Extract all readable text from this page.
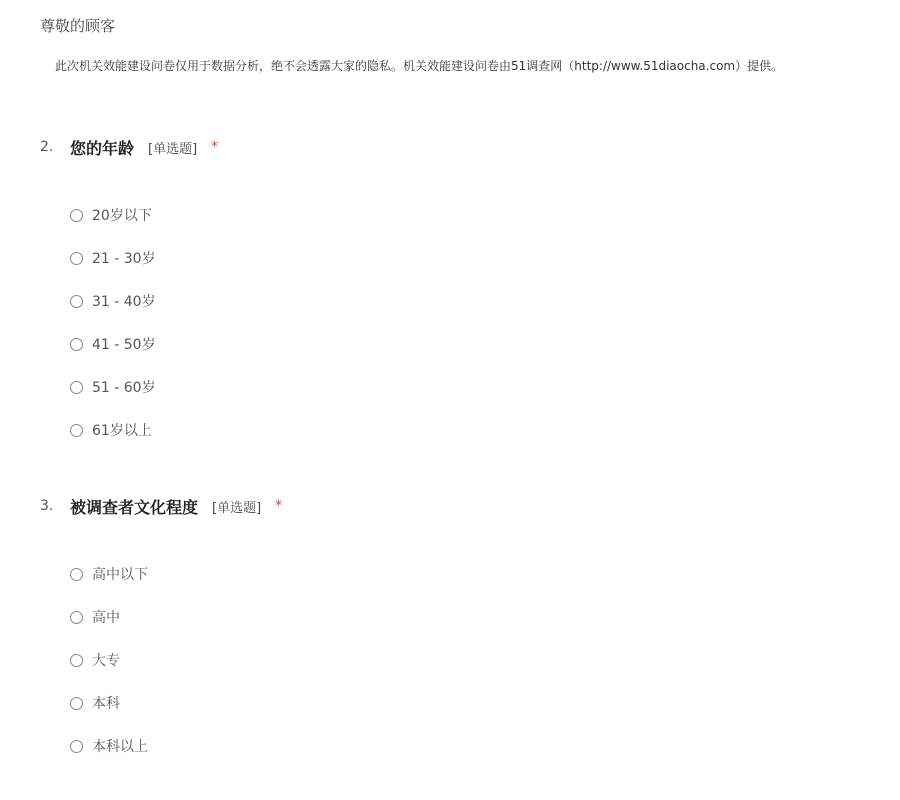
尊敬的顾客
此次机关效能建设问卷仅用于数据分析，绝不会透露大家的隐私。机关效能建设问卷由51调查网（http://www.51diaocha.com）提供。
2.	您的年龄 [单选题] *
20岁以下
21 - 30岁
31 - 40岁
41 - 50岁
51 - 60岁
61岁以上
3.	被调查者文化程度 [单选题] *
高中以下
高中
大专
本科
本科以上
